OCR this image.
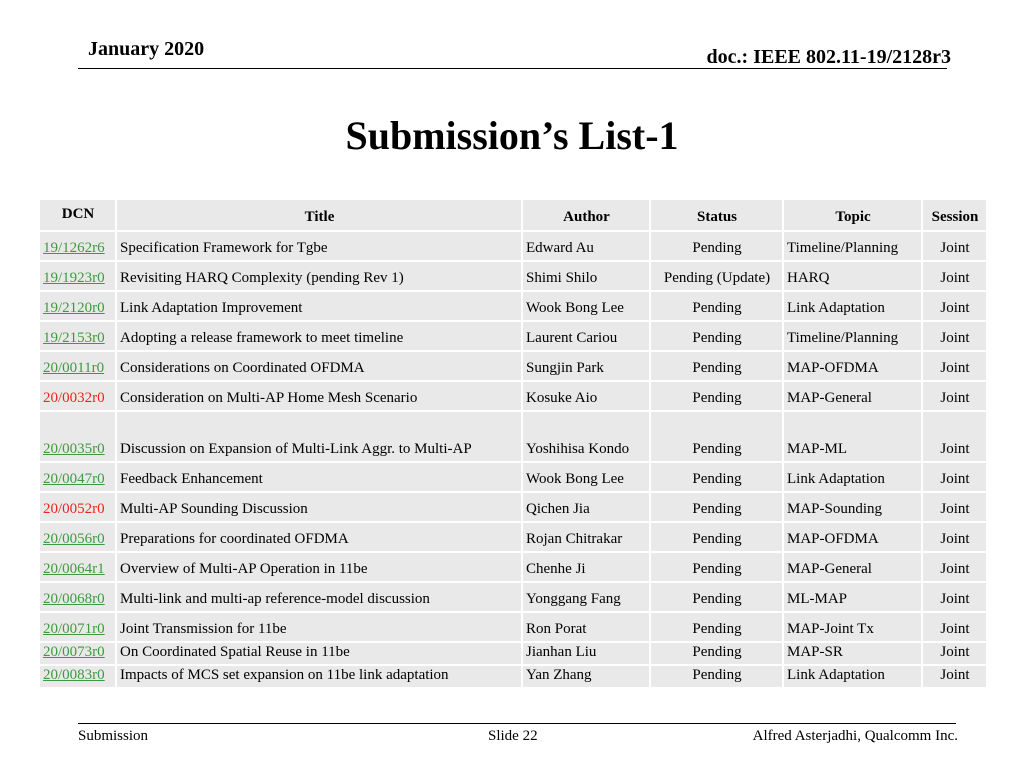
January 2020	doc.: IEEE 802.11-19/2128r3
Submission’s List-1
DCN	Title	Author	Status	Topic	Session
19/1262r6 Specification Framework for Tgbe	Edward Au	Pending	Timeline/Planning	Joint
19/1923r0 Revisiting HARQ Complexity (pending Rev 1)	Shimi Shilo	Pending (Update)	HARQ	Joint
19/2120r0 Link Adaptation Improvement	Wook Bong Lee	Pending	Link Adaptation	Joint
19/2153r0 Adopting a release framework to meet timeline	Laurent Cariou	Pending	Timeline/Planning	Joint
20/0011r0 Considerations on Coordinated OFDMA	Sungjin Park	Pending	MAP-OFDMA	Joint
20/0032r0 Consideration on Multi-AP Home Mesh Scenario	Kosuke Aio	Pending	MAP-General	Joint
20/0035r0 Discussion on Expansion of Multi-Link Aggr. to Multi-AP	Yoshihisa Kondo	Pending	MAP-ML	Joint
20/0047r0 Feedback Enhancement	Wook Bong Lee	Pending	Link Adaptation	Joint
20/0052r0 Multi-AP Sounding Discussion	Qichen Jia	Pending	MAP-Sounding	Joint
20/0056r0 Preparations for coordinated OFDMA	Rojan Chitrakar	Pending	MAP-OFDMA	Joint
20/0064r1 Overview of Multi-AP Operation in 11be	Chenhe Ji	Pending	MAP-General	Joint
20/0068r0 Multi-link and multi-ap reference-model discussion	Yonggang Fang	Pending	ML-MAP	Joint
20/0071r0 Joint Transmission for 11be	Ron Porat	Pending	MAP-Joint Tx	Joint
20/0073r0 On Coordinated Spatial Reuse in 11be	Jianhan Liu	Pending	MAP-SR	Joint
20/0083r0 Impacts of MCS set expansion on 11be link adaptation	Yan Zhang	Pending	Link Adaptation	Joint
Submission	Slide 22	Alfred Asterjadhi, Qualcomm Inc.
